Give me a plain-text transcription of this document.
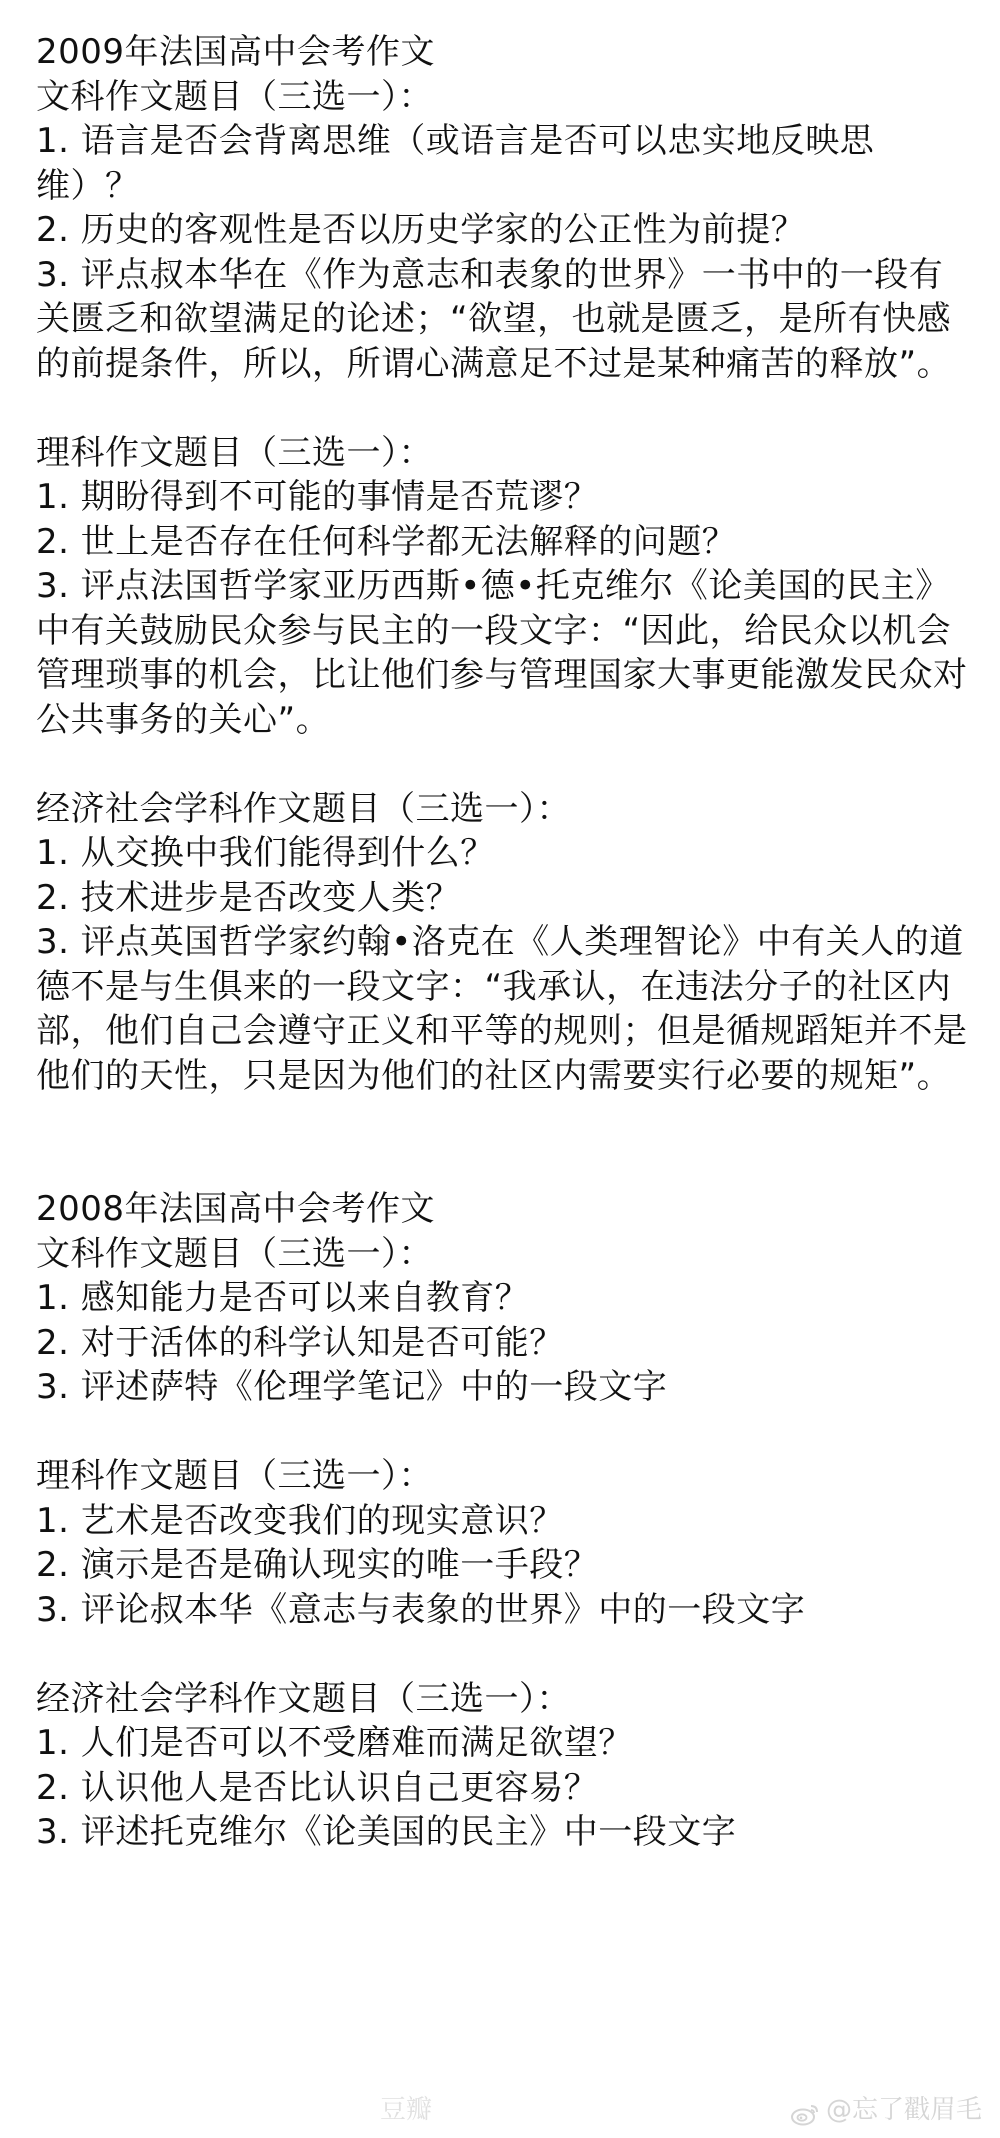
2009年法国高中会考作文
文科作文题目（三选一）：
1. 语言是否会背离思维（或语言是否可以忠实地反映思维）？
2. 历史的客观性是否以历史学家的公正性为前提？
3. 评点叔本华在《作为意志和表象的世界》一书中的一段有关匮乏和欲望满足的论述；“欲望，也就是匮乏，是所有快感的前提条件，所以，所谓心满意足不过是某种痛苦的释放”。
理科作文题目（三选一）：
1. 期盼得到不可能的事情是否荒谬？
2. 世上是否存在任何科学都无法解释的问题？
3. 评点法国哲学家亚历西斯•德•托克维尔《论美国的民主》中有关鼓励民众参与民主的一段文字：“因此，给民众以机会管理琐事的机会，比让他们参与管理国家大事更能激发民众对公共事务的关心”。
经济社会学科作文题目（三选一）：
1. 从交换中我们能得到什么？
2. 技术进步是否改变人类？
3. 评点英国哲学家约翰•洛克在《人类理智论》中有关人的道德不是与生俱来的一段文字：“我承认，在违法分子的社区内部，他们自己会遵守正义和平等的规则；但是循规蹈矩并不是他们的天性，只是因为他们的社区内需要实行必要的规矩”。
2008年法国高中会考作文
文科作文题目（三选一）：
1. 感知能力是否可以来自教育？
2. 对于活体的科学认知是否可能？
3. 评述萨特《伦理学笔记》中的一段文字
理科作文题目（三选一）：
1. 艺术是否改变我们的现实意识？
2. 演示是否是确认现实的唯一手段？
3. 评论叔本华《意志与表象的世界》中的一段文字
经济社会学科作文题目（三选一）：
1. 人们是否可以不受磨难而满足欲望？
2. 认识他人是否比认识自己更容易？
3. 评述托克维尔《论美国的民主》中一段文字
豆瓣	@忘了戳眉毛
